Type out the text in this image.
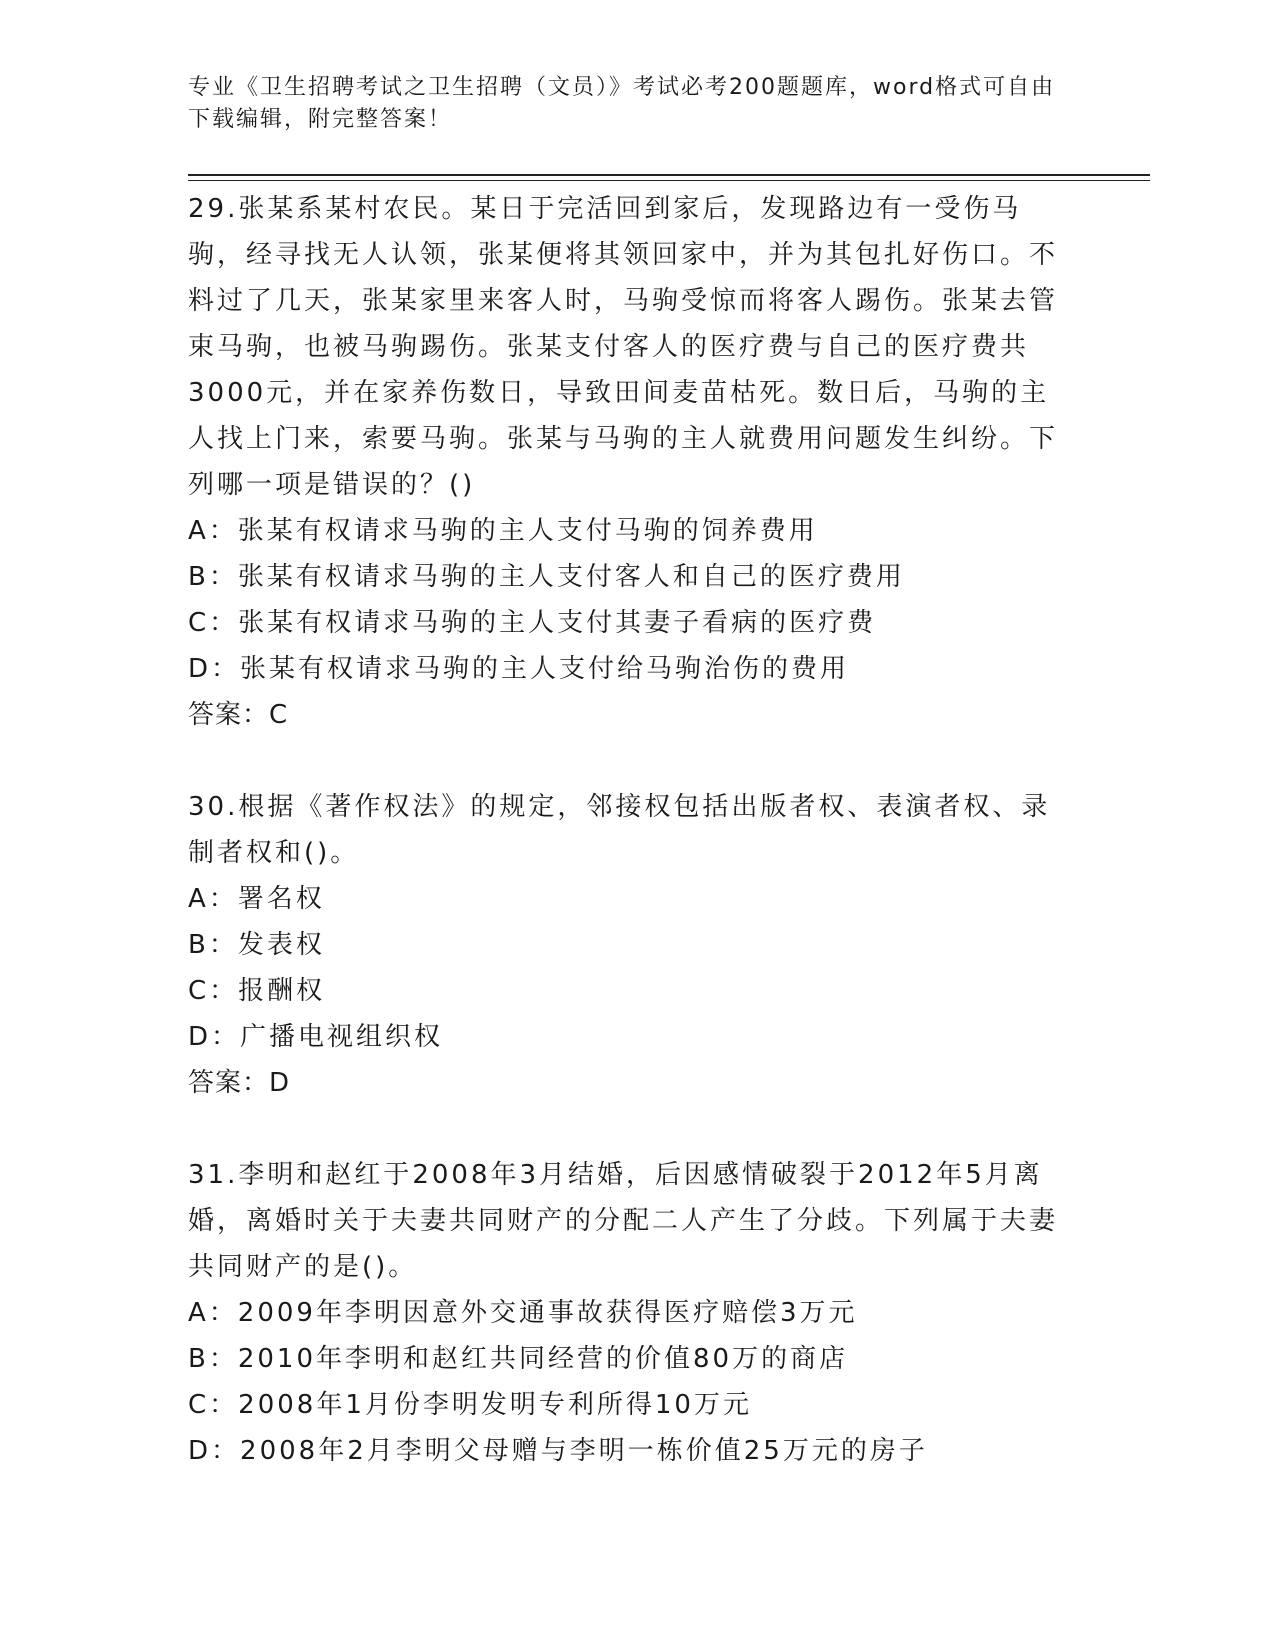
专业《卫生招聘考试之卫生招聘（文员）》考试必考200题题库，word格式可自由下载编辑，附完整答案！

29.张某系某村农民。某日于完活回到家后，发现路边有一受伤马驹，经寻找无人认领，张某便将其领回家中，并为其包扎好伤口。不料过了几天，张某家里来客人时，马驹受惊而将客人踢伤。张某去管束马驹，也被马驹踢伤。张某支付客人的医疗费与自己的医疗费共3000元，并在家养伤数日，导致田间麦苗枯死。数日后，马驹的主人找上门来，索要马驹。张某与马驹的主人就费用问题发生纠纷。下列哪一项是错误的？()

A：张某有权请求马驹的主人支付马驹的饲养费用

B：张某有权请求马驹的主人支付客人和自己的医疗费用

C：张某有权请求马驹的主人支付其妻子看病的医疗费

D：张某有权请求马驹的主人支付给马驹治伤的费用

答案：C

30.根据《著作权法》的规定，邻接权包括出版者权、表演者权、录制者权和()。

A：署名权

B：发表权

C：报酬权

D：广播电视组织权

答案：D

31.李明和赵红于2008年3月结婚，后因感情破裂于2012年5月离婚，离婚时关于夫妻共同财产的分配二人产生了分歧。下列属于夫妻共同财产的是()。

A：2009年李明因意外交通事故获得医疗赔偿3万元

B：2010年李明和赵红共同经营的价值80万的商店

C：2008年1月份李明发明专利所得10万元

D：2008年2月李明父母赠与李明一栋价值25万元的房子
